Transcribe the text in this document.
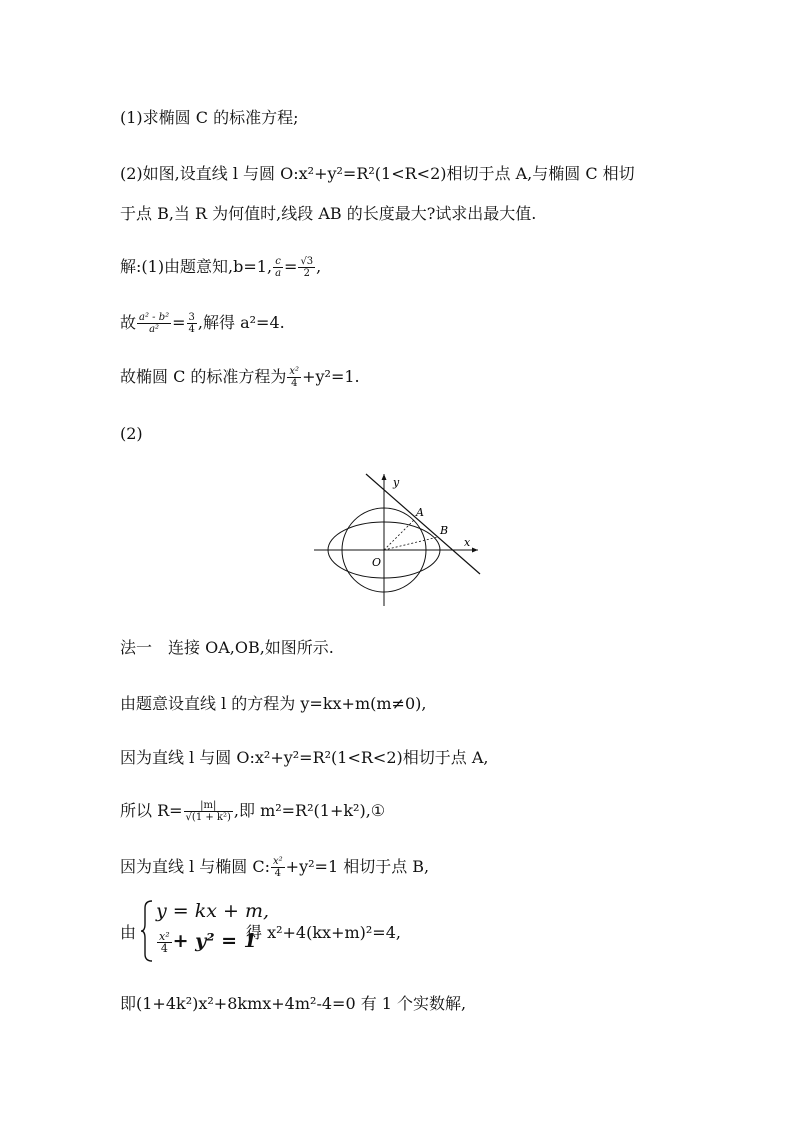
(1)求椭圆 C 的标准方程;
(2)如图,设直线 l 与圆 O:x²+y²=R²(1<R<2)相切于点 A,与椭圆 C 相切
于点 B,当 R 为何值时,线段 AB 的长度最大?试求出最大值.
解:(1)由题意知,b=1, $\frac{c}{a} = \frac{√3}{2}$ ,
故 $\frac{\text{a² - b²}}{\text{a²}} = \frac{3}{4}$ ,解得 a²=4.
故椭圆 C 的标准方程为 $\frac{\text{x²}}{4} +y^2=1$.
(2)
y
x
O
A
B
法一　连接 OA,OB,如图所示.
由题意设直线 l 的方程为 y=kx+m(m≠0),
因为直线 l 与圆 O:x²+y²=R²(1<R<2)相切于点 A,
所以 $R= \frac{|m|}{\text{√(1 + k²)}}$ ,即 m²=R²(1+k²),①
因为直线 l 与椭圆 C: $\frac{\text{x²}}{4} +y^2=1$ 相切于点 B,
由
y = kx + m,
$\frac{\text{x²}}{4} + y^2 = 1$
得 x²+4(kx+m)²=4,
即(1+4k²)x²+8kmx+4m²-4=0 有 1 个实数解,
